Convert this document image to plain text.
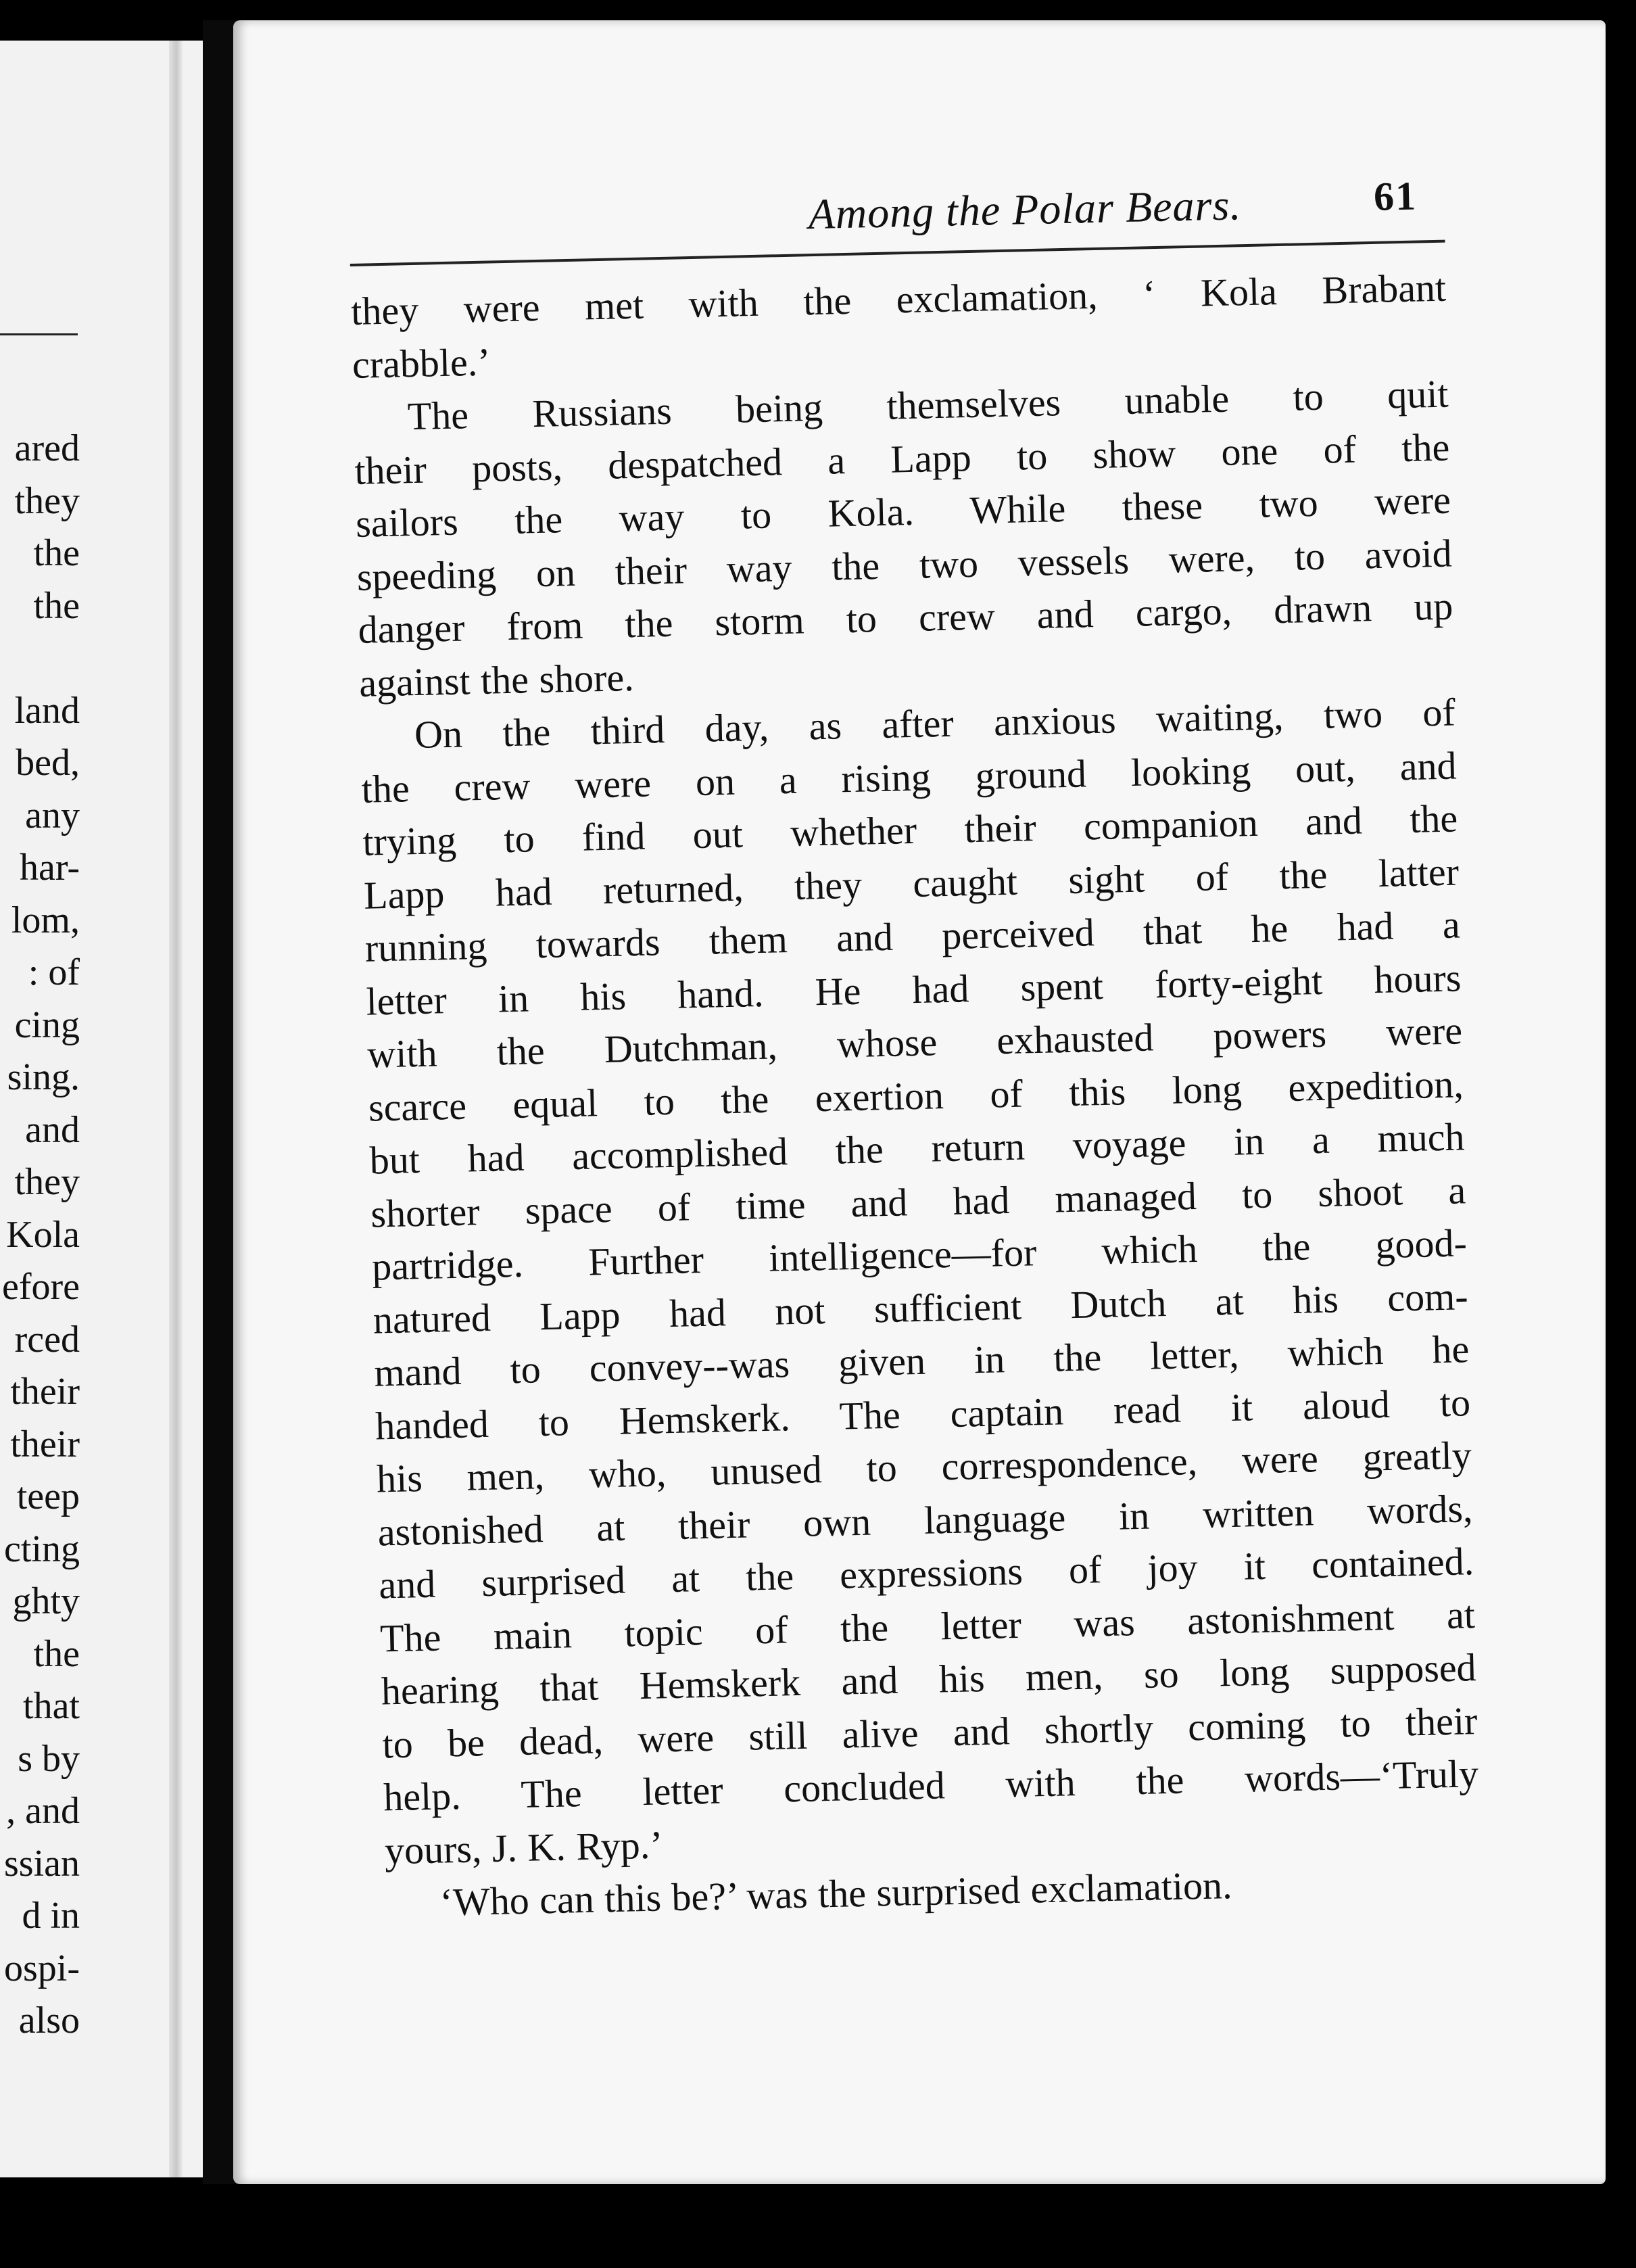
ared
they
the
the
land
bed,
any
har-
lom,
: of
cing
sing.
and
they
Kola
efore
rced
their
their
teep
cting
ghty
the
that
s by
, and
ssian
d in
ospi-
also
Among the Polar Bears.	61

they were met with the exclamation, ‘ Kola Brabant
crabble.’

The Russians being themselves unable to quit
their posts, despatched a Lapp to show one of the
sailors the way to Kola. While these two were
speeding on their way the two vessels were, to avoid
danger from the storm to crew and cargo, drawn up
against the shore.

On the third day, as after anxious waiting, two of
the crew were on a rising ground looking out, and
trying to find out whether their companion and the
Lapp had returned, they caught sight of the latter
running towards them and perceived that he had a
letter in his hand. He had spent forty-eight hours
with the Dutchman, whose exhausted powers were
scarce equal to the exertion of this long expedition,
but had accomplished the return voyage in a much
shorter space of time and had managed to shoot a
partridge. Further intelligence—for which the good-
natured Lapp had not sufficient Dutch at his com-
mand to convey--was given in the letter, which he
handed to Hemskerk. The captain read it aloud to
his men, who, unused to correspondence, were greatly
astonished at their own language in written words,
and surprised at the expressions of joy it contained.
The main topic of the letter was astonishment at
hearing that Hemskerk and his men, so long supposed
to be dead, were still alive and shortly coming to their
help. The letter concluded with the words—‘Truly
yours, J. K. Ryp.’

‘Who can this be?’ was the surprised exclamation.
